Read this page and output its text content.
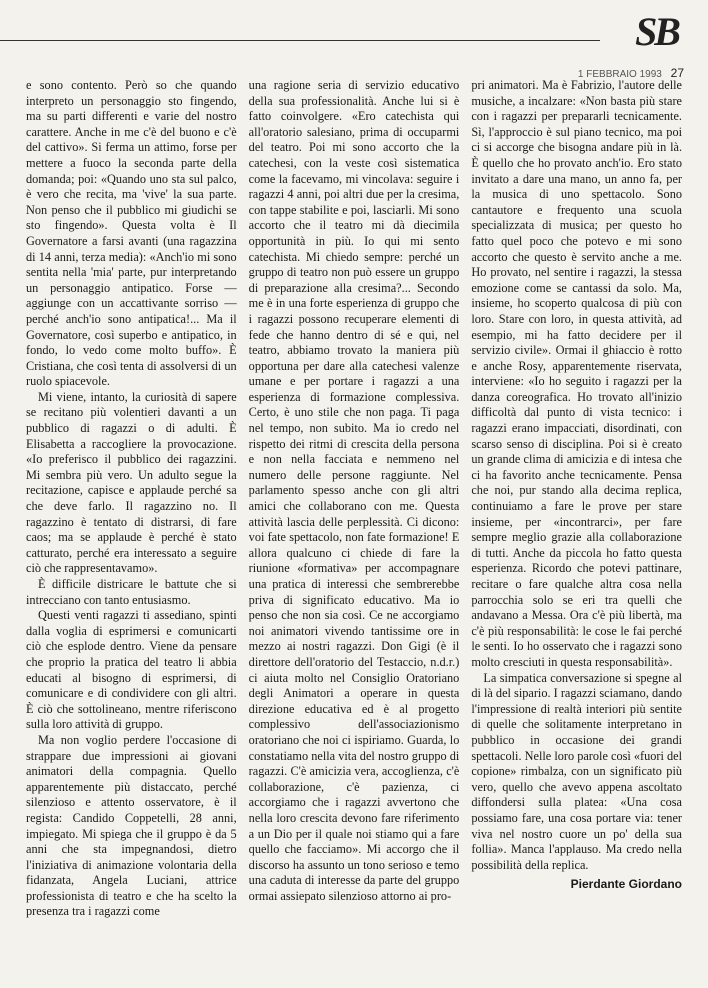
SB
1 FEBBRAIO 1993 27

e sono contento. Però so che quando interpreto un personaggio sto fingendo, ma su parti differenti e varie del nostro carattere. Anche in me c'è del buono e c'è del cattivo». Si ferma un attimo, forse per mettere a fuoco la seconda parte della domanda; poi: «Quando uno sta sul palco, è vero che recita, ma 'vive' la sua parte. Non penso che il pubblico mi giudichi se sto fingendo». Questa volta è Il Governatore a farsi avanti (una ragazzina di 14 anni, terza media): «Anch'io mi sono sentita nella 'mia' parte, pur interpretando un personaggio antipatico. Forse — aggiunge con un accattivante sorriso — perché anch'io sono antipatica!... Ma il Governatore, così superbo e antipatico, in fondo, lo vedo come molto buffo». È Cristiana, che così tenta di assolversi di un ruolo spiacevole.

Mi viene, intanto, la curiosità di sapere se recitano più volentieri davanti a un pubblico di ragazzi o di adulti. È Elisabetta a raccogliere la provocazione. «Io preferisco il pubblico dei ragazzini. Mi sembra più vero. Un adulto segue la recitazione, capisce e applaude perché sa che deve farlo. Il ragazzino no. Il ragazzino è tentato di distrarsi, di fare caos; ma se applaude è perché è stato catturato, perché era interessato a seguire ciò che rappresentavamo».

È difficile districare le battute che si intrecciano con tanto entusiasmo.

Questi venti ragazzi ti assediano, spinti dalla voglia di esprimersi e comunicarti ciò che esplode dentro. Viene da pensare che proprio la pratica del teatro li abbia educati al bisogno di esprimersi, di comunicare e di condividere con gli altri. È ciò che sottolineano, mentre riferiscono sulla loro attività di gruppo.

Ma non voglio perdere l'occasione di strappare due impressioni ai giovani animatori della compagnia. Quello apparentemente più distaccato, perché silenzioso e attento osservatore, è il regista: Candido Coppetelli, 28 anni, impiegato. Mi spiega che il gruppo è da 5 anni che sta impegnandosi, dietro l'iniziativa di animazione volontaria della fidanzata, Angela Luciani, attrice professionista di teatro e che ha scelto la presenza tra i ragazzi come

una ragione seria di servizio educativo della sua professionalità. Anche lui si è fatto coinvolgere. «Ero catechista qui all'oratorio salesiano, prima di occuparmi del teatro. Poi mi sono accorto che la catechesi, con la veste così sistematica come la facevamo, mi vincolava: seguire i ragazzi 4 anni, poi altri due per la cresima, con tappe stabilite e poi, lasciarli. Mi sono accorto che il teatro mi dà diecimila opportunità in più. Io qui mi sento catechista. Mi chiedo sempre: perché un gruppo di teatro non può essere un gruppo di preparazione alla cresima?... Secondo me è in una forte esperienza di gruppo che i ragazzi possono recuperare elementi di fede che hanno dentro di sé e qui, nel teatro, abbiamo trovato la maniera più opportuna per dare alla catechesi valenze umane e per portare i ragazzi a una esperienza di formazione complessiva. Certo, è uno stile che non paga. Ti paga nel tempo, non subito. Ma io credo nel rispetto dei ritmi di crescita della persona e non nella facciata e nemmeno nel numero delle persone raggiunte. Nel parlamento spesso anche con gli altri amici che collaborano con me. Questa attività lascia delle perplessità. Ci dicono: voi fate spettacolo, non fate formazione! E allora qualcuno ci chiede di fare la riunione «formativa» per accompagnare una pratica di interessi che sembrerebbe priva di significato educativo. Ma io penso che non sia così. Ce ne accorgiamo noi animatori vivendo tantissime ore in mezzo ai nostri ragazzi. Don Gigi (è il direttore dell'oratorio del Testaccio, n.d.r.) ci aiuta molto nel Consiglio Oratoriano degli Animatori a operare in questa direzione educativa ed è al progetto complessivo dell'associazionismo oratoriano che noi ci ispiriamo. Guarda, lo constatiamo nella vita del nostro gruppo di ragazzi. C'è amicizia vera, accoglienza, c'è collaborazione, c'è pazienza, ci accorgiamo che i ragazzi avvertono che nella loro crescita devono fare riferimento a un Dio per il quale noi stiamo qui a fare quello che facciamo». Mi accorgo che il discorso ha assunto un tono serioso e temo una caduta di interesse da parte del gruppo ormai assiepato silenzioso attorno ai pro-

pri animatori. Ma è Fabrizio, l'autore delle musiche, a incalzare: «Non basta più stare con i ragazzi per prepararli tecnicamente. Sì, l'approccio è sul piano tecnico, ma poi ci si accorge che bisogna andare più in là. È quello che ho provato anch'io. Ero stato invitato a dare una mano, un anno fa, per la musica di uno spettacolo. Sono cantautore e frequento una scuola specializzata di musica; per questo ho fatto quel poco che potevo e mi sono accorto che questo è servito anche a me. Ho provato, nel sentire i ragazzi, la stessa emozione come se cantassi da solo. Ma, insieme, ho scoperto qualcosa di più con loro. Stare con loro, in questa attività, ad esempio, mi ha fatto decidere per il servizio civile». Ormai il ghiaccio è rotto e anche Rosy, apparentemente riservata, interviene: «Io ho seguito i ragazzi per la danza coreografica. Ho trovato all'inizio difficoltà dal punto di vista tecnico: i ragazzi erano impacciati, disordinati, con scarso senso di disciplina. Poi si è creato un grande clima di amicizia e di intesa che ci ha favorito anche tecnicamente. Pensa che noi, pur stando alla decima replica, continuiamo a fare le prove per stare insieme, per «incontrarci», per fare sempre meglio grazie alla collaborazione di tutti. Anche da piccola ho fatto questa esperienza. Ricordo che potevi pattinare, recitare o fare qualche altra cosa nella parrocchia solo se eri tra quelli che andavano a Messa. Ora c'è più libertà, ma c'è più responsabilità: le cose le fai perché le senti. Io ho osservato che i ragazzi sono molto cresciuti in questa responsabilità».

La simpatica conversazione si spegne al di là del sipario. I ragazzi sciamano, dando l'impressione di realtà interiori più sentite di quelle che solitamente interpretano in pubblico in occasione dei grandi spettacoli. Nelle loro parole così «fuori del copione» rimbalza, con un significato più vero, quello che avevo appena ascoltato diffondersi sulla platea: «Una cosa possiamo fare, una cosa portare via: tener viva nel nostro cuore un po' della sua follia». Manca l'applauso. Ma credo nella possibilità della replica.

Pierdante Giordano
